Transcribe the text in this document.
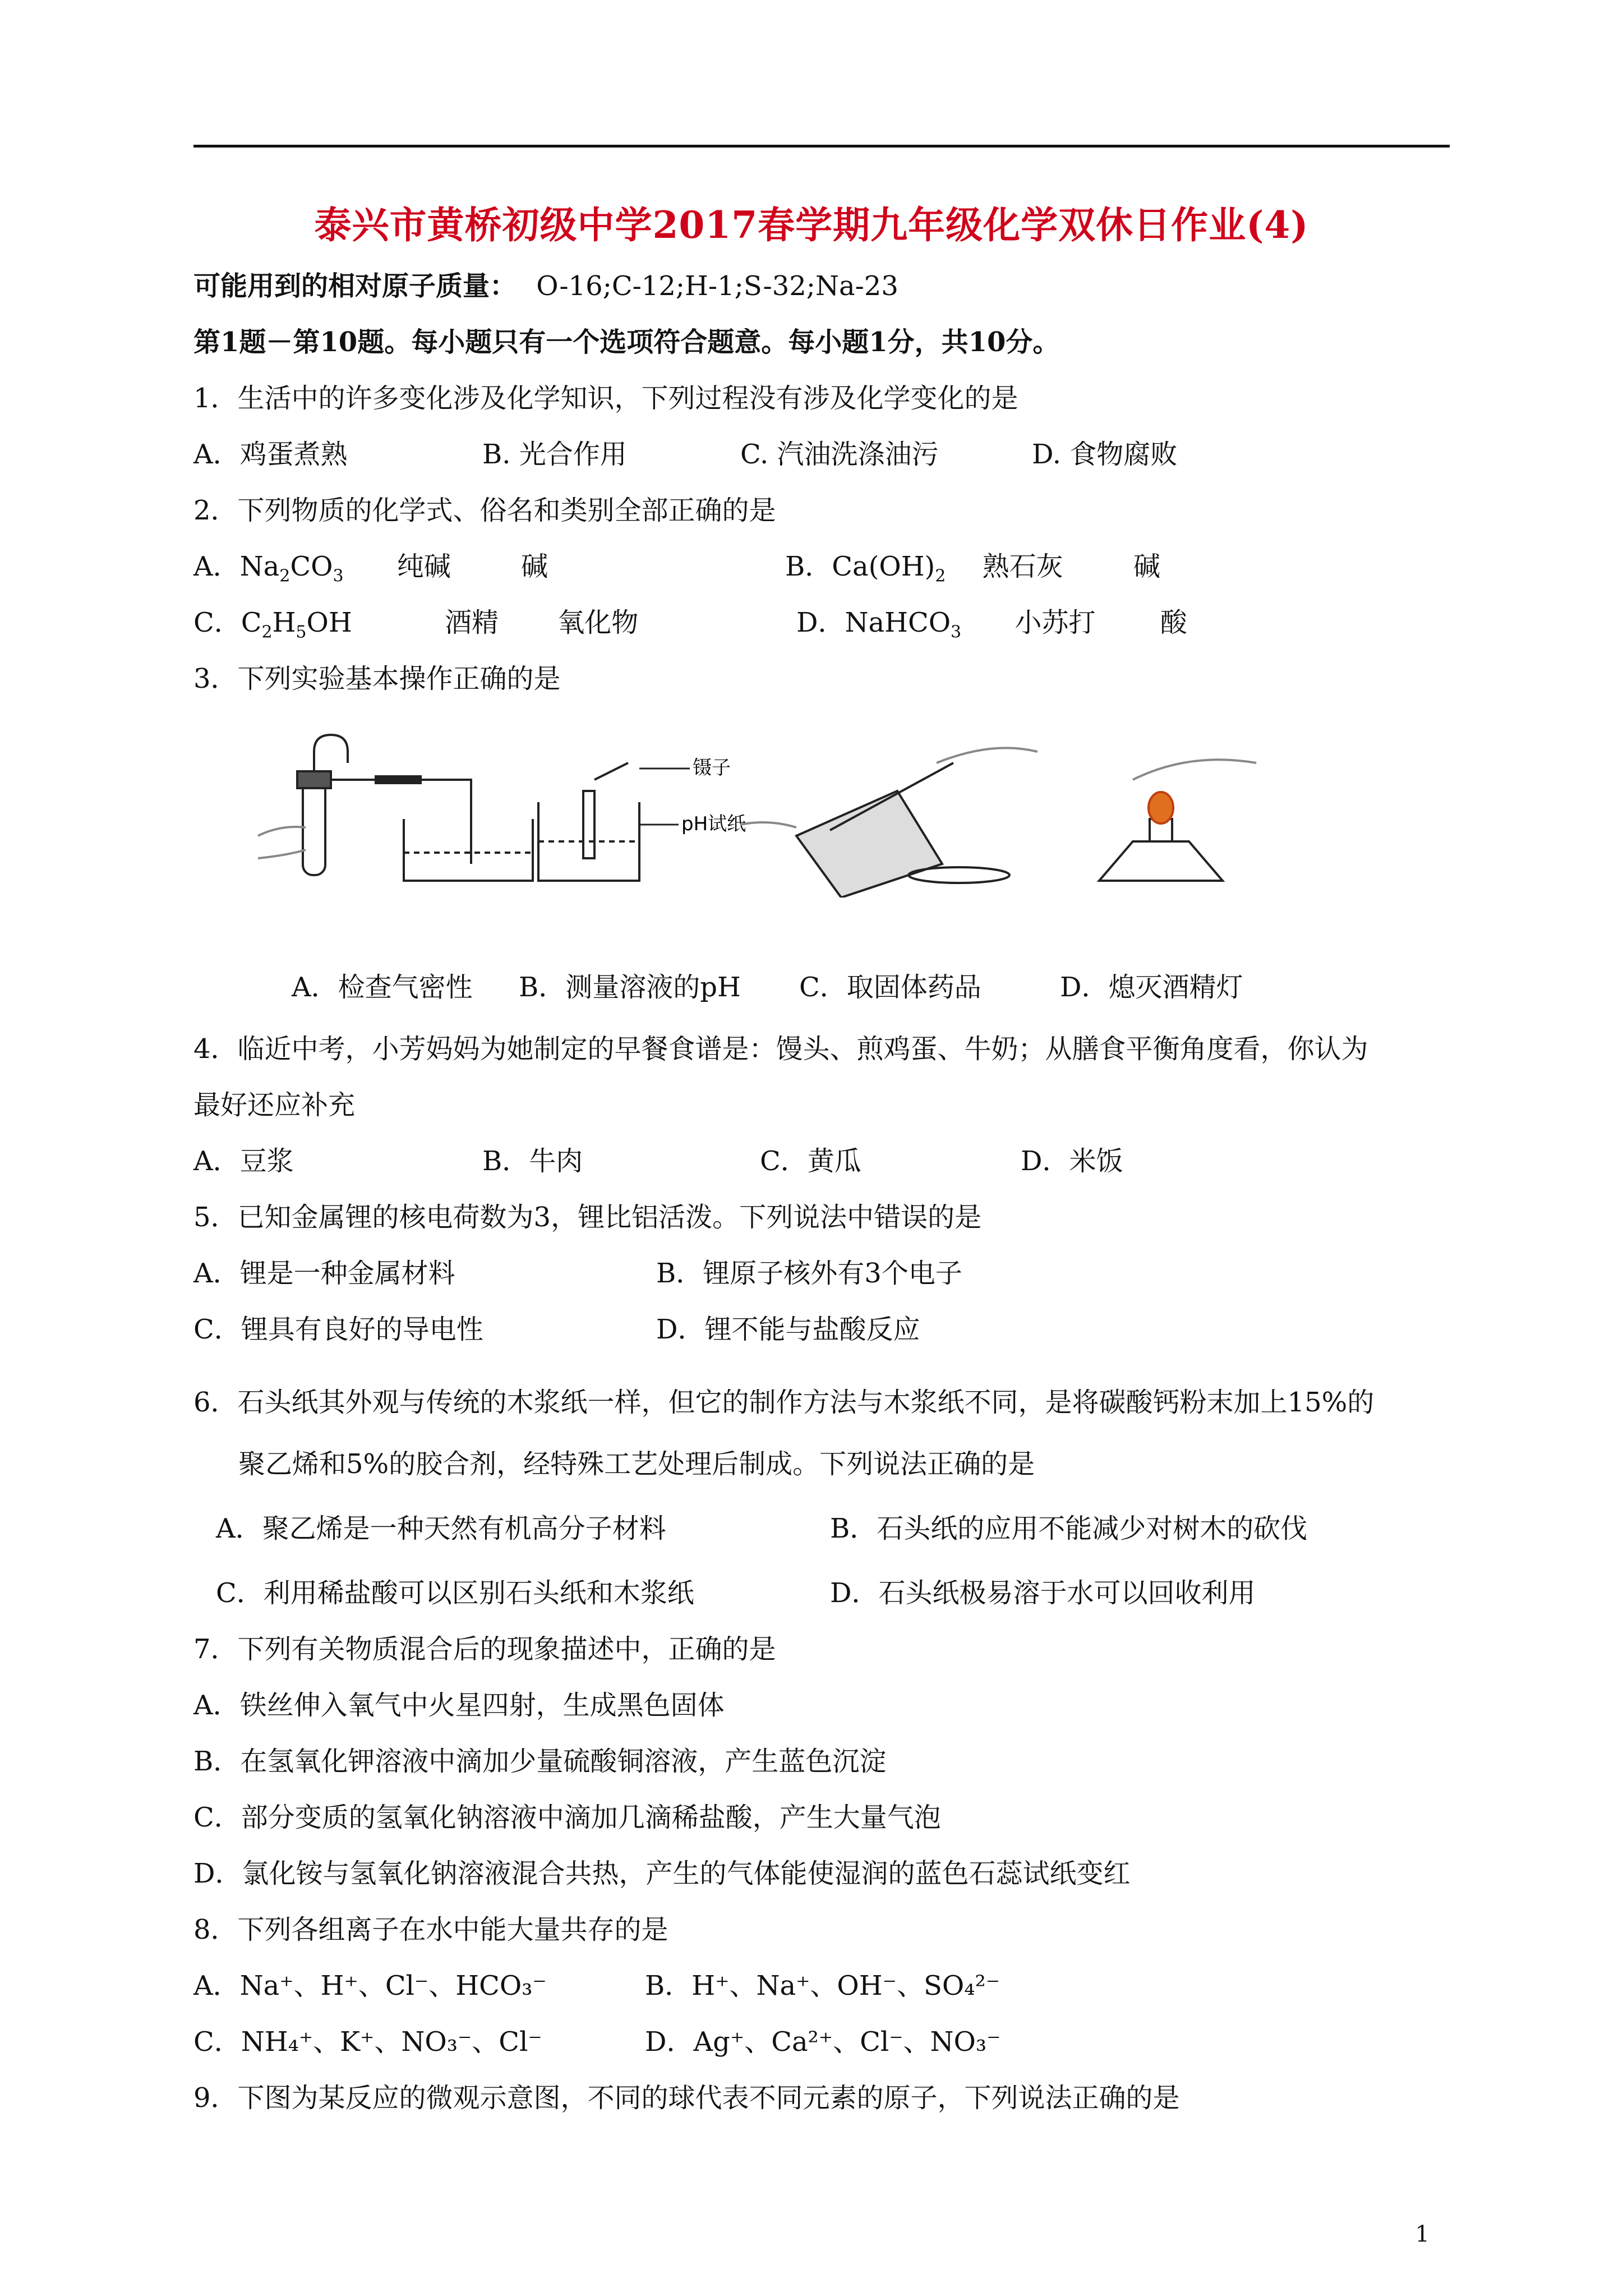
泰兴市黄桥初级中学2017春学期九年级化学双休日作业(4)
可能用到的相对原子质量： O-16;C-12;H-1;S-32;Na-23
第1题－第10题。每小题只有一个选项符合题意。每小题1分，共10分。
1．生活中的许多变化涉及化学知识，下列过程没有涉及化学变化的是
A．鸡蛋煮熟	B. 光合作用	C. 汽油洗涤油污	D. 食物腐败
2．下列物质的化学式、俗名和类别全部正确的是
A．$Na_2CO_3$ 纯碱	碱	B．$Ca(OH)_2$ 熟石灰	碱
C．$C_2H_5OH$	酒精 氧化物	D．NaHCO$_3$ 小苏打 酸
3．下列实验基本操作正确的是
镊子
pH试纸
A．检查气密性 B．测量溶液的pH C．取固体药品	D．熄灭酒精灯
4．临近中考，小芳妈妈为她制定的早餐食谱是：馒头、煎鸡蛋、牛奶；从膳食平衡角度看，你认为
最好还应补充
A．豆浆	B．牛肉	C．黄瓜	D．米饭
5．已知金属锂的核电荷数为3，锂比铝活泼。下列说法中错误的是
A．锂是一种金属材料	B．锂原子核外有3个电子
C．锂具有良好的导电性	D．锂不能与盐酸反应
6．石头纸其外观与传统的木浆纸一样，但它的制作方法与木浆纸不同，是将碳酸钙粉末加上15%的
聚乙烯和5%的胶合剂，经特殊工艺处理后制成。下列说法正确的是
A．聚乙烯是一种天然有机高分子材料	B．石头纸的应用不能减少对树木的砍伐
C．利用稀盐酸可以区别石头纸和木浆纸	D．石头纸极易溶于水可以回收利用
7．下列有关物质混合后的现象描述中，正确的是
A．铁丝伸入氧气中火星四射，生成黑色固体
B．在氢氧化钾溶液中滴加少量硫酸铜溶液，产生蓝色沉淀
C．部分变质的氢氧化钠溶液中滴加几滴稀盐酸，产生大量气泡
D．氯化铵与氢氧化钠溶液混合共热，产生的气体能使湿润的蓝色石蕊试纸变红
8．下列各组离子在水中能大量共存的是
A．Na⁺、H⁺、Cl⁻、HCO₃⁻	B．H⁺、Na⁺、OH⁻、SO₄²⁻
C．NH₄⁺、K⁺、NO₃⁻、Cl⁻	D．Ag⁺、Ca²⁺、Cl⁻、NO₃⁻
9．下图为某反应的微观示意图，不同的球代表不同元素的原子，下列说法正确的是
1
